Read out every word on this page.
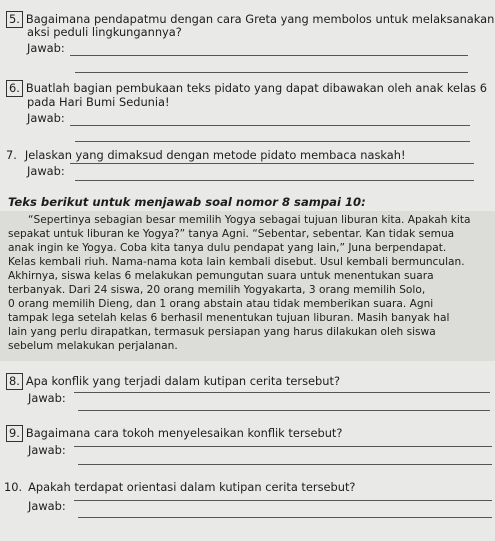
5. Bagaimana pendapatmu dengan cara Greta yang membolos untuk melaksanakan
aksi peduli lingkungannya?
Jawab:
6. Buatlah bagian pembukaan teks pidato yang dapat dibawakan oleh anak kelas 6
pada Hari Bumi Sedunia!
Jawab:
7. Jelaskan yang dimaksud dengan metode pidato membaca naskah!
Jawab:
Teks berikut untuk menjawab soal nomor 8 sampai 10:

“Sepertinya sebagian besar memilih Yogya sebagai tujuan liburan kita. Apakah kita

sepakat untuk liburan ke Yogya?” tanya Agni. “Sebentar, sebentar. Kan tidak semua

anak ingin ke Yogya. Coba kita tanya dulu pendapat yang lain,” Juna berpendapat.

Kelas kembali riuh. Nama-nama kota lain kembali disebut. Usul kembali bermunculan.

Akhirnya, siswa kelas 6 melakukan pemungutan suara untuk menentukan suara

terbanyak. Dari 24 siswa, 20 orang memilih Yogyakarta, 3 orang memilih Solo,

0 orang memilih Dieng, dan 1 orang abstain atau tidak memberikan suara. Agni

tampak lega setelah kelas 6 berhasil menentukan tujuan liburan. Masih banyak hal

lain yang perlu dirapatkan, termasuk persiapan yang harus dilakukan oleh siswa

sebelum melakukan perjalanan.

8. Apa konflik yang terjadi dalam kutipan cerita tersebut?
Jawab:
9. Bagaimana cara tokoh menyelesaikan konflik tersebut?
Jawab:
10. Apakah terdapat orientasi dalam kutipan cerita tersebut?
Jawab:
